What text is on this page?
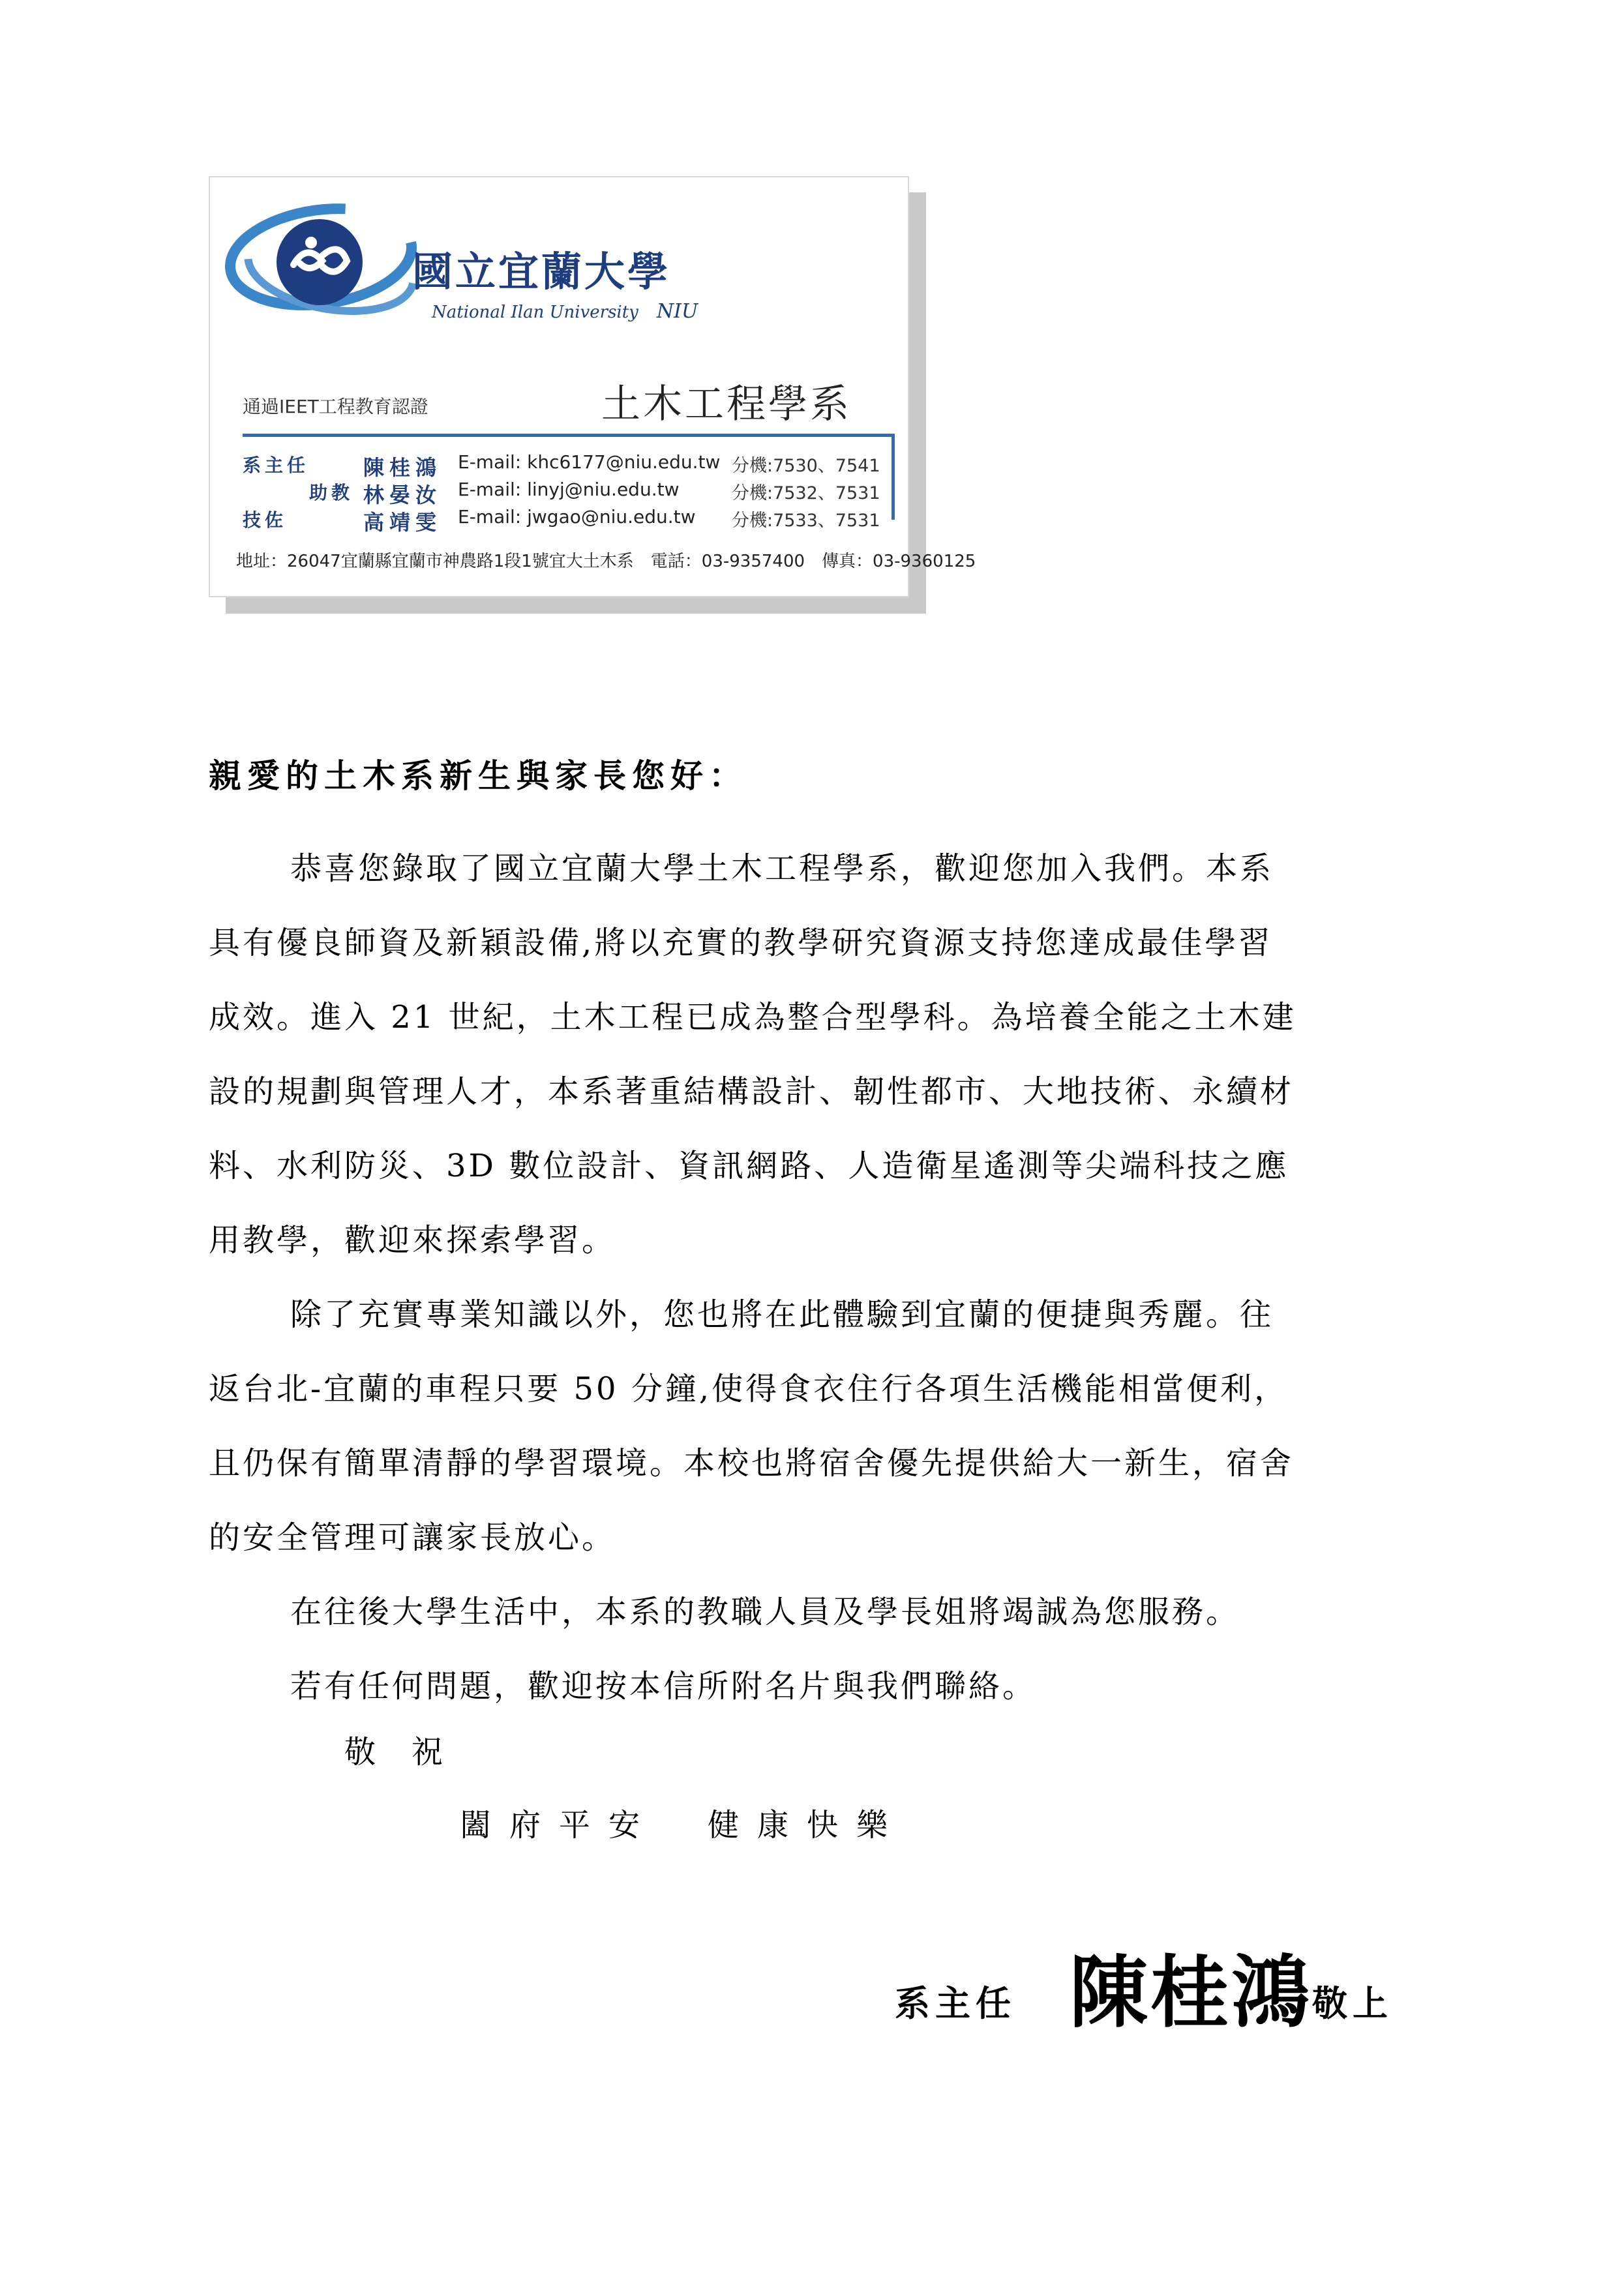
國立宜蘭大學
National Ilan University NIU
通過IEET工程教育認證	土木工程學系
系主任	陳桂鴻 E-mail: khc6177@niu.edu.tw 分機:7530、7541
助教 林晏汝 E-mail: linyj@niu.edu.tw	分機:7532、7531
技佐	高靖雯 E-mail: jwgao@niu.edu.tw 分機:7533、7531
地址：26047宜蘭縣宜蘭市神農路1段1號宜大土木系　電話：03-9357400　傳真：03-9360125
親愛的土木系新生與家長您好：
恭喜您錄取了國立宜蘭大學土木工程學系，歡迎您加入我們。本系
具有優良師資及新穎設備,將以充實的教學研究資源支持您達成最佳學習
成效。進入 21 世紀，土木工程已成為整合型學科。為培養全能之土木建
設的規劃與管理人才，本系著重結構設計、韌性都市、大地技術、永續材
料、水利防災、3D 數位設計、資訊網路、人造衛星遙測等尖端科技之應
用教學，歡迎來探索學習。
除了充實專業知識以外，您也將在此體驗到宜蘭的便捷與秀麗。往
返台北-宜蘭的車程只要 50 分鐘,使得食衣住行各項生活機能相當便利，
且仍保有簡單清靜的學習環境。本校也將宿舍優先提供給大一新生，宿舍
的安全管理可讓家長放心。
在往後大學生活中，本系的教職人員及學長姐將竭誠為您服務。
若有任何問題，歡迎按本信所附名片與我們聯絡。
敬祝
闔府平安　健康快樂
系主任 陳桂鴻 敬上
